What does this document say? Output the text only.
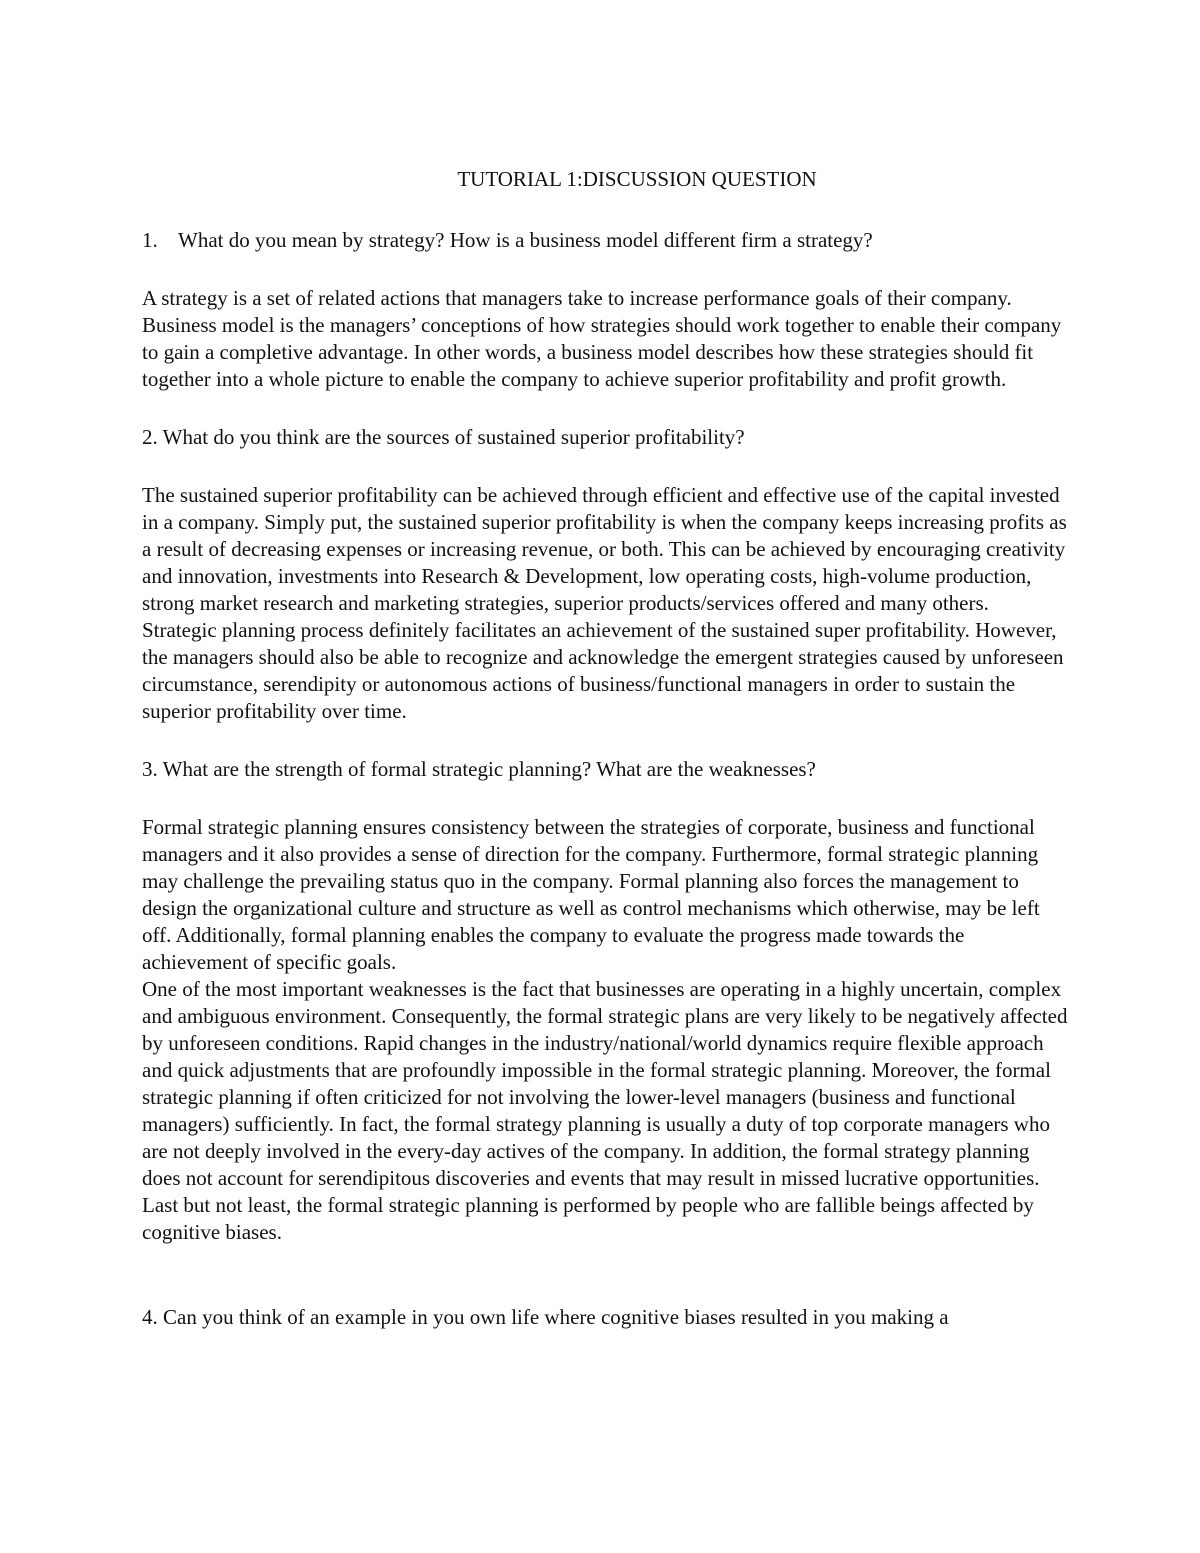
TUTORIAL 1:DISCUSSION QUESTION
1. What do you mean by strategy? How is a business model different firm a strategy?

A strategy is a set of related actions that managers take to increase performance goals of their company. Business model is the managers’ conceptions of how strategies should work together to enable their company to gain a completive advantage. In other words, a business model describes how these strategies should fit together into a whole picture to enable the company to achieve superior profitability and profit growth.

2. What do you think are the sources of sustained superior profitability?

The sustained superior profitability can be achieved through efficient and effective use of the capital invested in a company. Simply put, the sustained superior profitability is when the company keeps increasing profits as a result of decreasing expenses or increasing revenue, or both. This can be achieved by encouraging creativity and innovation, investments into Research & Development, low operating costs, high-volume production, strong market research and marketing strategies, superior products/services offered and many others.

Strategic planning process definitely facilitates an achievement of the sustained super profitability. However, the managers should also be able to recognize and acknowledge the emergent strategies caused by unforeseen circumstance, serendipity or autonomous actions of business/functional managers in order to sustain the superior profitability over time.

3. What are the strength of formal strategic planning? What are the weaknesses?

Formal strategic planning ensures consistency between the strategies of corporate, business and functional managers and it also provides a sense of direction for the company. Furthermore, formal strategic planning may challenge the prevailing status quo in the company. Formal planning also forces the management to design the organizational culture and structure as well as control mechanisms which otherwise, may be left off. Additionally, formal planning enables the company to evaluate the progress made towards the achievement of specific goals.

One of the most important weaknesses is the fact that businesses are operating in a highly uncertain, complex and ambiguous environment. Consequently, the formal strategic plans are very likely to be negatively affected by unforeseen conditions. Rapid changes in the industry/national/world dynamics require flexible approach and quick adjustments that are profoundly impossible in the formal strategic planning. Moreover, the formal strategic planning if often criticized for not involving the lower-level managers (business and functional managers) sufficiently. In fact, the formal strategy planning is usually a duty of top corporate managers who are not deeply involved in the every-day actives of the company. In addition, the formal strategy planning does not account for serendipitous discoveries and events that may result in missed lucrative opportunities. Last but not least, the formal strategic planning is performed by people who are fallible beings affected by cognitive biases.

4. Can you think of an example in you own life where cognitive biases resulted in you making a
